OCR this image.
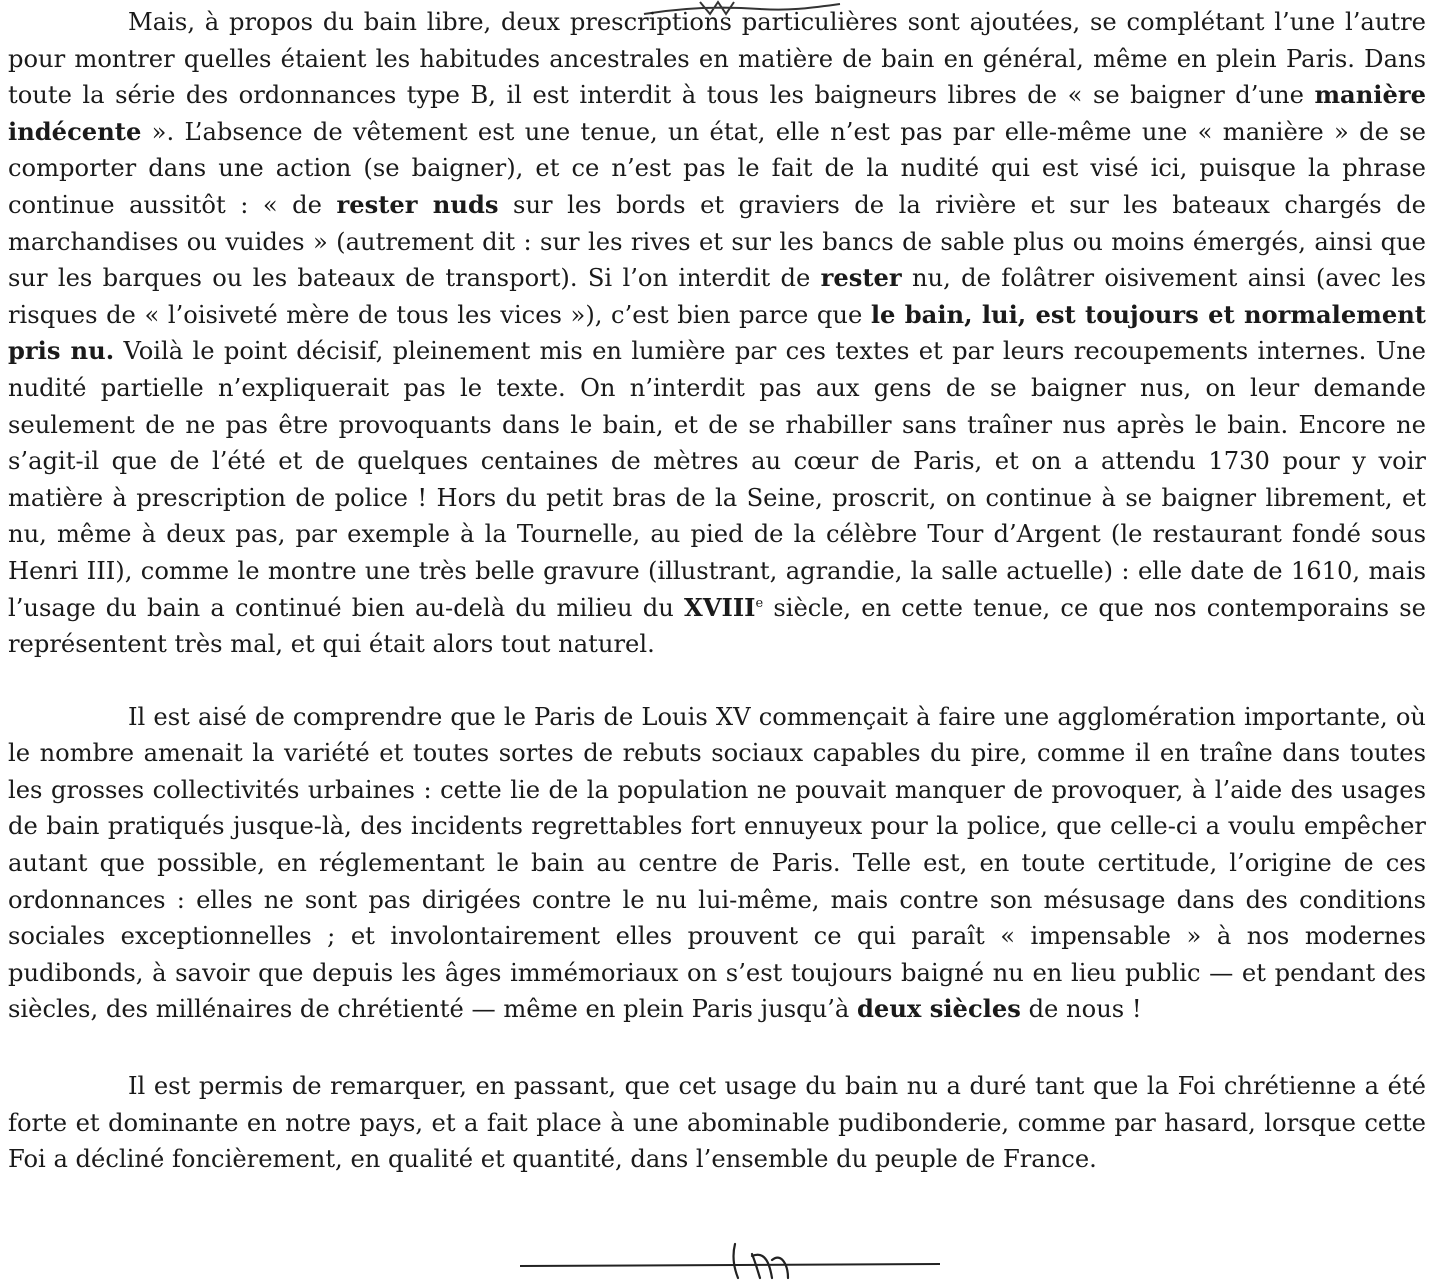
Mais, à propos du bain libre, deux prescriptions particulières sont ajoutées, se complétant l’une l’autre pour montrer quelles étaient les habitudes ancestrales en matière de bain en général, même en plein Paris. Dans toute la série des ordonnances type B, il est interdit à tous les baigneurs libres de « se baigner d’une manière indécente ». L’absence de vêtement est une tenue, un état, elle n’est pas par elle-même une « manière » de se comporter dans une action (se baigner), et ce n’est pas le fait de la nudité qui est visé ici, puisque la phrase continue aussitôt : « de rester nuds sur les bords et graviers de la rivière et sur les bateaux chargés de marchandises ou vuides » (autrement dit : sur les rives et sur les bancs de sable plus ou moins émergés, ainsi que sur les barques ou les bateaux de transport). Si l’on interdit de rester nu, de folâtrer oisivement ainsi (avec les risques de « l’oisiveté mère de tous les vices »), c’est bien parce que le bain, lui, est toujours et normalement pris nu. Voilà le point décisif, pleinement mis en lumière par ces textes et par leurs recoupements internes. Une nudité partielle n’expliquerait pas le texte. On n’interdit pas aux gens de se baigner nus, on leur demande seulement de ne pas être provoquants dans le bain, et de se rhabiller sans traîner nus après le bain. Encore ne s’agit-il que de l’été et de quelques centaines de mètres au cœur de Paris, et on a attendu 1730 pour y voir matière à prescription de police ! Hors du petit bras de la Seine, proscrit, on continue à se baigner librement, et nu, même à deux pas, par exemple à la Tournelle, au pied de la célèbre Tour d’Argent (le restaurant fondé sous Henri III), comme le montre une très belle gravure (illustrant, agrandie, la salle actuelle) : elle date de 1610, mais l’usage du bain a continué bien au-delà du milieu du XVIIIe siècle, en cette tenue, ce que nos contemporains se représentent très mal, et qui était alors tout naturel.

Il est aisé de comprendre que le Paris de Louis XV commençait à faire une agglomération importante, où le nombre amenait la variété et toutes sortes de rebuts sociaux capables du pire, comme il en traîne dans toutes les grosses collectivités urbaines : cette lie de la population ne pouvait manquer de provoquer, à l’aide des usages de bain pratiqués jusque-là, des incidents regrettables fort ennuyeux pour la police, que celle-ci a voulu empêcher autant que possible, en réglementant le bain au centre de Paris. Telle est, en toute certitude, l’origine de ces ordonnances : elles ne sont pas dirigées contre le nu lui-même, mais contre son mésusage dans des conditions sociales exceptionnelles ; et involontairement elles prouvent ce qui paraît « impensable » à nos modernes pudibonds, à savoir que depuis les âges immémoriaux on s’est toujours baigné nu en lieu public — et pendant des siècles, des millénaires de chrétienté — même en plein Paris jusqu’à deux siècles de nous !

Il est permis de remarquer, en passant, que cet usage du bain nu a duré tant que la Foi chrétienne a été forte et dominante en notre pays, et a fait place à une abominable pudibonderie, comme par hasard, lorsque cette Foi a décliné foncièrement, en qualité et quantité, dans l’ensemble du peuple de France.
